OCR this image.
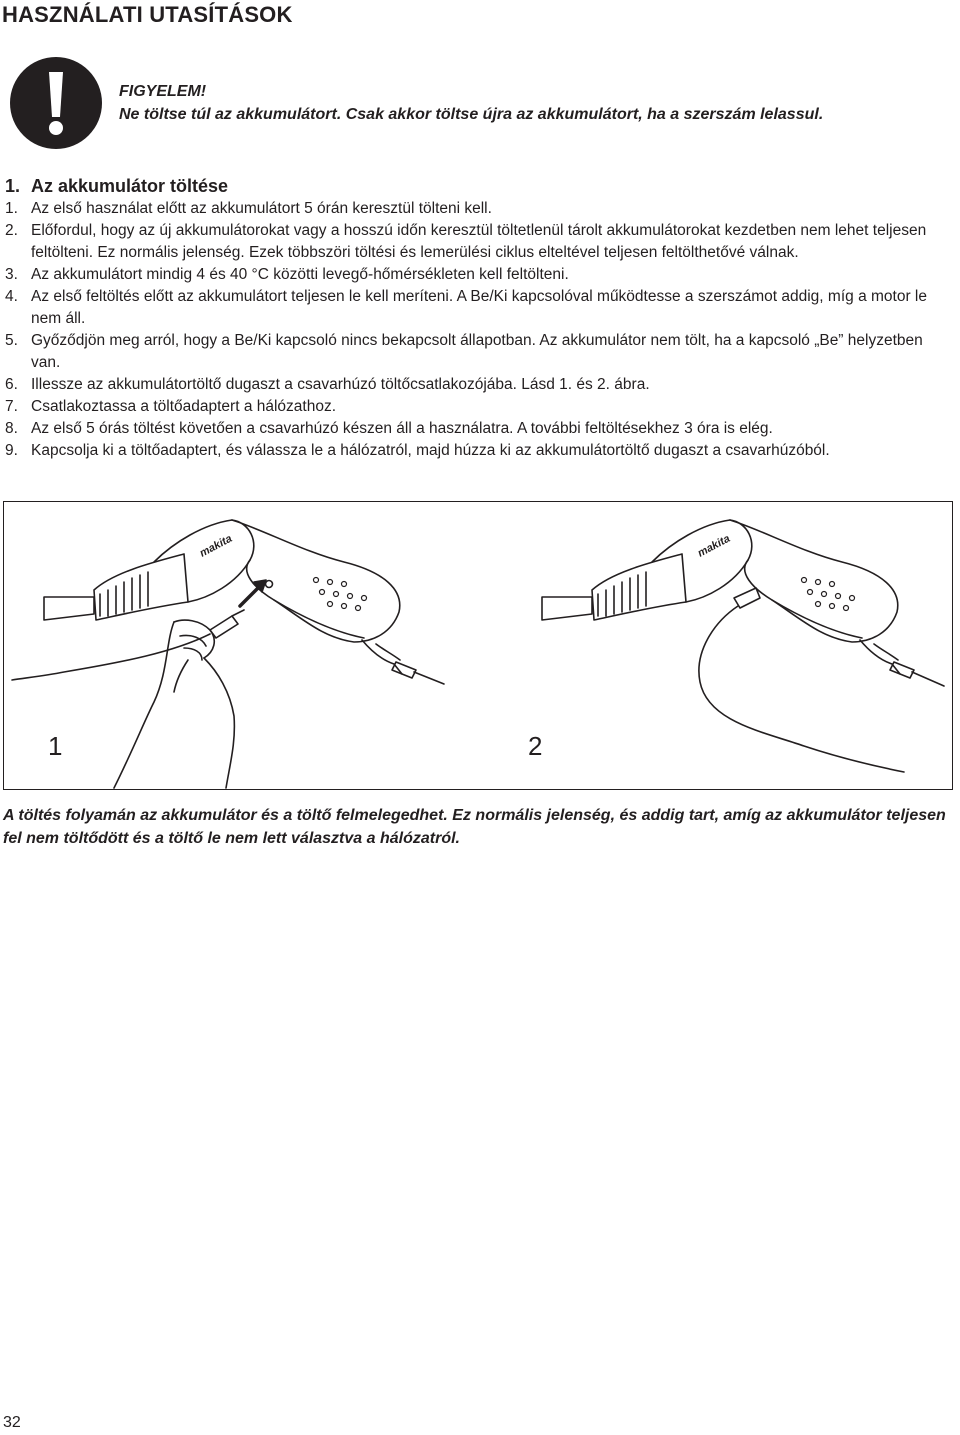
HASZNÁLATI UTASÍTÁSOK
FIGYELEM!
Ne töltse túl az akkumulátort. Csak akkor töltse újra az akkumulátort, ha a szerszám lelassul.
1. Az akkumulátor töltése
1. Az első használat előtt az akkumulátort 5 órán keresztül tölteni kell.
2. Előfordul, hogy az új akkumulátorokat vagy a hosszú időn keresztül töltetlenül tárolt akkumulátorokat kezdetben nem lehet teljesen feltölteni. Ez normális jelenség. Ezek többszöri töltési és lemerülési ciklus elteltével teljesen feltölthetővé válnak.
3. Az akkumulátort mindig 4 és 40 °C közötti levegő-hőmérsékleten kell feltölteni.
4. Az első feltöltés előtt az akkumulátort teljesen le kell meríteni. A Be/Ki kapcsolóval működtesse a szerszámot addig, míg a motor le nem áll.
5. Győződjön meg arról, hogy a Be/Ki kapcsoló nincs bekapcsolt állapotban. Az akkumulátor nem tölt, ha a kapcsoló „Be” helyzetben van.
6. Illessze az akkumulátortöltő dugaszt a csavarhúzó töltőcsatlakozójába. Lásd 1. és 2. ábra.
7. Csatlakoztassa a töltőadaptert a hálózathoz.
8. Az első 5 órás töltést követően a csavarhúzó készen áll a használatra. A további feltöltésekhez 3 óra is elég.
9. Kapcsolja ki a töltőadaptert, és válassza le a hálózatról, majd húzza ki az akkumulátortöltő dugaszt a csavarhúzóból.
makita	makita
1	2
A töltés folyamán az akkumulátor és a töltő felmelegedhet. Ez normális jelenség, és addig tart, amíg az akkumulátor teljesen fel nem töltődött és a töltő le nem lett választva a hálózatról.
32
